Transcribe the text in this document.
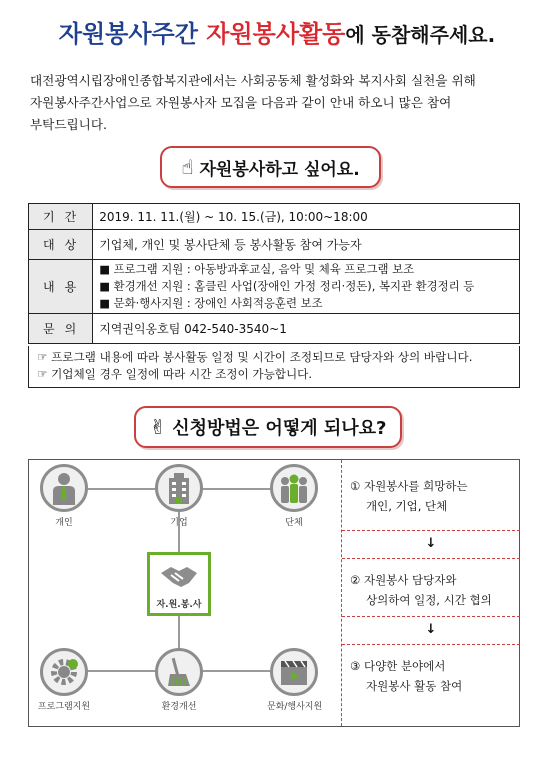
자원봉사주간 자원봉사활동에 동참해주세요.
대전광역시립장애인종합복지관에서는 사회공동체 활성화와 복지사회 실천을 위해
자원봉사주간사업으로 자원봉사자 모집을 다음과 같이 안내 하오니 많은 참여
부탁드립니다.
☝ 자원봉사하고 싶어요.
기간	2019. 11. 11.(월) ~ 10. 15.(금), 10:00~18:00
대상	기업체, 개인 및 봉사단체 등 봉사활동 참여 가능자
내용	■ 프로그램 지원 : 아동방과후교실, 음악 및 체육 프로그램 보조
■ 환경개선 지원 : 홈클린 사업(장애인 가정 정리·정돈), 복지관 환경정리 등
■ 문화·행사지원 : 장애인 사회적응훈련 보조

문의	지역권익옹호팀 042-540-3540~1
☞ 프로그램 내용에 따라 봉사활동 일정 및 시간이 조정되므로 담당자와 상의 바랍니다.
☞ 기업체일 경우 일정에 따라 시간 조정이 가능합니다.
✌ 신청방법은 어떻게 되나요?
개인	기업	단체
자.원.봉.사
프로그램지원	환경개선	문화/행사지원
① 자원봉사를 희망하는
개인, 기업, 단체
↓
② 자원봉사 담당자와
상의하여 일정, 시간 협의
↓
③ 다양한 분야에서
자원봉사 활동 참여
